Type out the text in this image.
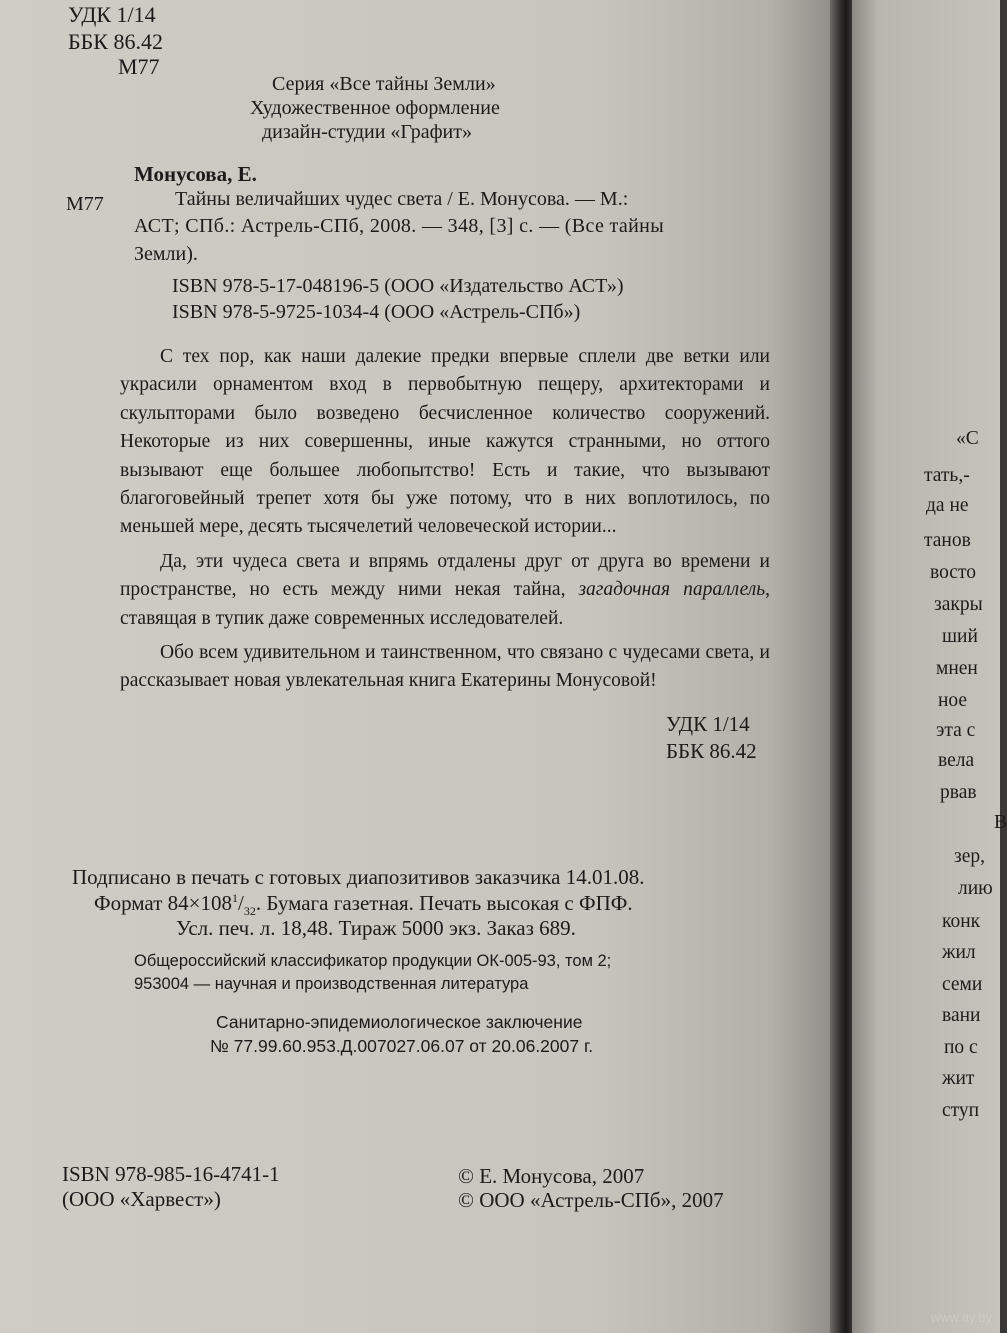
УДК 1/14
ББК 86.42
М77
Серия «Все тайны Земли»
Художественное оформление
дизайн-студии «Графит»
Монусова, Е.
М77	Тайны величайших чудес света / Е. Монусова. — М.:
АСТ; СПб.: Астрель-СПб, 2008. — 348, [3] с. — (Все тайны
Земли).
ISBN 978-5-17-048196-5 (ООО «Издательство АСТ»)
ISBN 978-5-9725-1034-4 (ООО «Астрель-СПб»)

С тех пор, как наши далекие предки впервые сплели две ветки или украсили орнаментом вход в первобытную пещеру, архитекторами и скульпторами было возведено бесчисленное количество сооружений. Некоторые из них совершенны, иные кажутся странными, но оттого вызывают еще большее любопытство! Есть и такие, что вызывают благоговейный трепет хотя бы уже потому, что в них воплотилось, по меньшей мере, десять тысячелетий человеческой истории...

Да, эти чудеса света и впрямь отдалены друг от друга во времени и пространстве, но есть между ними некая тайна, загадочная параллель, ставящая в тупик даже современных исследователей.

Обо всем удивительном и таинственном, что связано с чудесами света, и рассказывает новая увлекательная книга Екатерины Монусовой!

УДК 1/14
ББК 86.42
Подписано в печать с готовых диапозитивов заказчика 14.01.08.
Формат $84\times 108^1/_{32}$. Бумага газетная. Печать высокая с ФПФ.
Усл. печ. л. 18,48. Тираж 5000 экз. Заказ 689.
Общероссийский классификатор продукции ОК-005-93, том 2;
953004 — научная и производственная литература
Санитарно-эпидемиологическое заключение
№ 77.99.60.953.Д.007027.06.07 от 20.06.2007 г.
ISBN 978-985-16-4741-1
(ООО «Харвест»)
© Е. Монусова, 2007
© ООО «Астрель-СПб», 2007
«С
тать,-
да не
танов
восто
закры
ший
мнен
ное
эта с
вела
рвав
В
зер,
лию
конк
жил
семи
вани
по с
жит
ступ
www.ay.by
